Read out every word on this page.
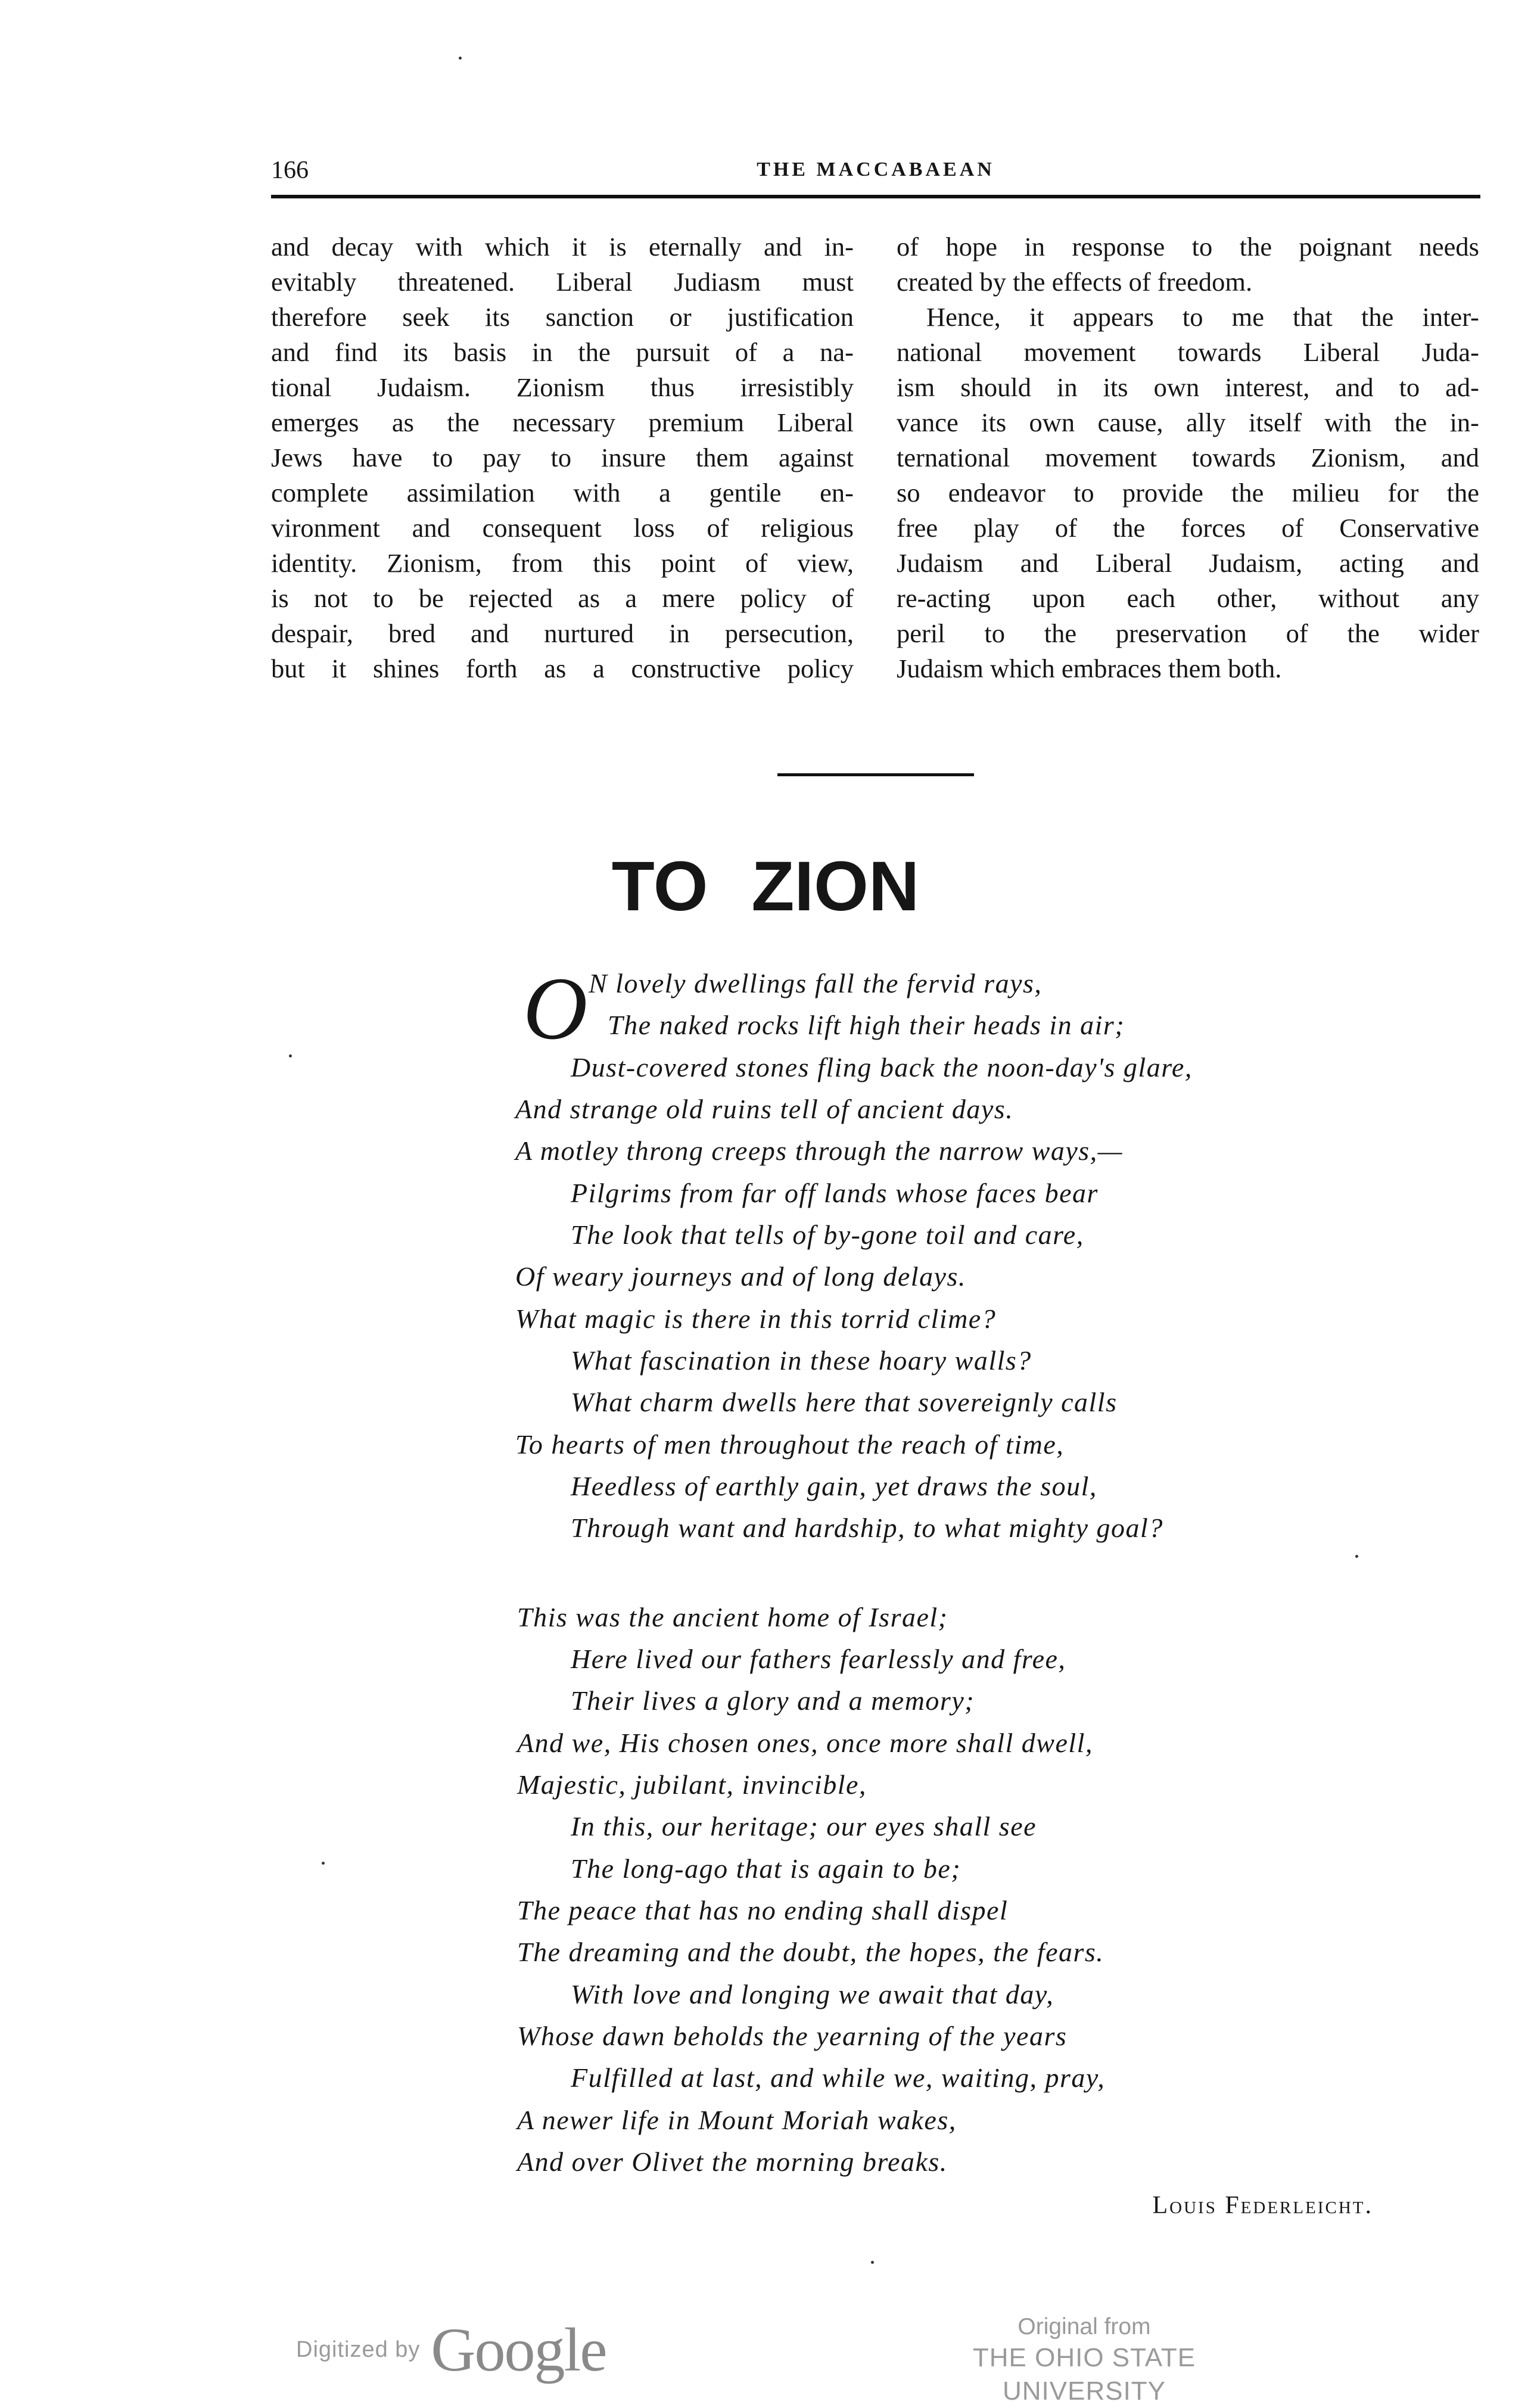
166	THE MACCABAEAN
and decay with which it is eternally and in-
evitably threatened. Liberal Judiasm must
therefore seek its sanction or justification
and find its basis in the pursuit of a na-
tional Judaism. Zionism thus irresistibly
emerges as the necessary premium Liberal
Jews have to pay to insure them against
complete assimilation with a gentile en-
vironment and consequent loss of religious
identity. Zionism, from this point of view,
is not to be rejected as a mere policy of
despair, bred and nurtured in persecution,
but it shines forth as a constructive policy
of hope in response to the poignant needs
created by the effects of freedom.
Hence, it appears to me that the inter-
national movement towards Liberal Juda-
ism should in its own interest, and to ad-
vance its own cause, ally itself with the in-
ternational movement towards Zionism, and
so endeavor to provide the milieu for the
free play of the forces of Conservative
Judaism and Liberal Judaism, acting and
re-acting upon each other, without any
peril to the preservation of the wider
Judaism which embraces them both.
TO ZION
O N lovely dwellings fall the fervid rays,
The naked rocks lift high their heads in air;
Dust-covered stones fling back the noon-day's glare,
And strange old ruins tell of ancient days.
A motley throng creeps through the narrow ways,—
Pilgrims from far off lands whose faces bear
The look that tells of by-gone toil and care,
Of weary journeys and of long delays.
What magic is there in this torrid clime?
What fascination in these hoary walls?
What charm dwells here that sovereignly calls
To hearts of men throughout the reach of time,
Heedless of earthly gain, yet draws the soul,
Through want and hardship, to what mighty goal?
This was the ancient home of Israel;
Here lived our fathers fearlessly and free,
Their lives a glory and a memory;
And we, His chosen ones, once more shall dwell,
Majestic, jubilant, invincible,
In this, our heritage; our eyes shall see
The long-ago that is again to be;
The peace that has no ending shall dispel
The dreaming and the doubt, the hopes, the fears.
With love and longing we await that day,
Whose dawn beholds the yearning of the years
Fulfilled at last, and while we, waiting, pray,
A newer life in Mount Moriah wakes,
And over Olivet the morning breaks.
Louis Federleicht.
Digitized by Google	Original from
THE OHIO STATE UNIVERSITY
